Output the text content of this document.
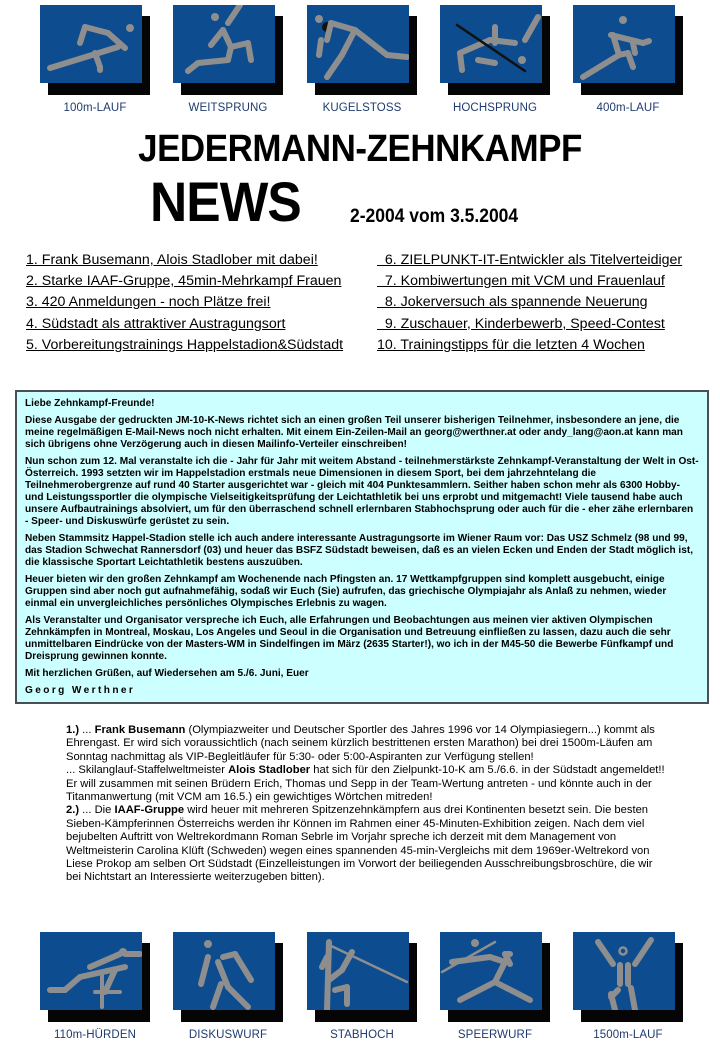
100m-LAUF	WEITSPRUNG	KUGELSTOSS	HOCHSPRUNG	400m-LAUF
JEDERMANN-ZEHNKAMPF
NEWS	2-2004 vom 3.5.2004
1. Frank Busemann, Alois Stadlober mit dabei!
2. Starke IAAF-Gruppe, 45min-Mehrkampf Frauen
3. 420 Anmeldungen - noch Plätze frei!
4. Südstadt als attraktiver Austragungsort
5. Vorbereitungstrainings Happelstadion&Südstadt
6. ZIELPUNKT-IT-Entwickler als Titelverteidiger
7. Kombiwertungen mit VCM und Frauenlauf
8. Jokerversuch als spannende Neuerung
9. Zuschauer, Kinderbewerb, Speed-Contest
10. Trainingstipps für die letzten 4 Wochen

Liebe Zehnkampf-Freunde!

Diese Ausgabe der gedruckten JM-10-K-News richtet sich an einen großen Teil unserer bisherigen Teilnehmer, insbesondere an jene, die meine regelmäßigen E-Mail-News noch nicht erhalten. Mit einem Ein-Zeilen-Mail an georg@werthner.at oder andy_lang@aon.at kann man sich übrigens ohne Verzögerung auch in diesen Mailinfo-Verteiler einschreiben!

Nun schon zum 12. Mal veranstalte ich die - Jahr für Jahr mit weitem Abstand - teilnehmerstärkste Zehnkampf-Veranstaltung der Welt in Ost-Österreich. 1993 setzten wir im Happelstadion erstmals neue Dimensionen in diesem Sport, bei dem jahrzehntelang die Teilnehmerobergrenze auf rund 40 Starter ausgerichtet war - gleich mit 404 Punktesammlern. Seither haben schon mehr als 6300 Hobby- und Leistungssportler die olympische Vielseitigkeitsprüfung der Leichtathletik bei uns erprobt und mitgemacht! Viele tausend habe auch unsere Aufbautrainings absolviert, um für den überraschend schnell erlernbaren Stabhochsprung oder auch für die - eher zähe erlernbaren - Speer- und Diskuswürfe gerüstet zu sein.

Neben Stammsitz Happel-Stadion stelle ich auch andere interessante Austragungsorte im Wiener Raum vor: Das USZ Schmelz (98 und 99, das Stadion Schwechat Rannersdorf (03) und heuer das BSFZ Südstadt beweisen, daß es an vielen Ecken und Enden der Stadt möglich ist, die klassische Sportart Leichtathletik bestens auszuüben.

Heuer bieten wir den großen Zehnkampf am Wochenende nach Pfingsten an. 17 Wettkampfgruppen sind komplett ausgebucht, einige Gruppen sind aber noch gut aufnahmefähig, sodaß wir Euch (Sie) aufrufen, das griechische Olympiajahr als Anlaß zu nehmen, wieder einmal ein unvergleichliches persönliches Olympisches Erlebnis zu wagen.

Als Veranstalter und Organisator verspreche ich Euch, alle Erfahrungen und Beobachtungen aus meinen vier aktiven Olympischen Zehnkämpfen in Montreal, Moskau, Los Angeles und Seoul in die Organisation und Betreuung einfließen zu lassen, dazu auch die sehr unmittelbaren Eindrücke von der Masters-WM in Sindelfingen im März (2635 Starter!), wo ich in der M45-50 die Bewerbe Fünfkampf und Dreisprung gewinnen konnte.

Mit herzlichen Grüßen, auf Wiedersehen am 5./6. Juni, Euer

Georg Werthner

1.) ... Frank Busemann (Olympiazweiter und Deutscher Sportler des Jahres 1996 vor 14 Olympiasiegern...) kommt als Ehrengast. Er wird sich voraussichtlich (nach seinem kürzlich bestrittenen ersten Marathon) bei drei 1500m-Läufen am Sonntag nachmittag als VIP-Begleitläufer für 5:30- oder 5:00-Aspiranten zur Verfügung stellen!

... Skilanglauf-Staffelweltmeister Alois Stadlober hat sich für den Zielpunkt-10-K am 5./6.6. in der Südstadt angemeldet!! Er will zusammen mit seinen Brüdern Erich, Thomas und Sepp in der Team-Wertung antreten - und könnte auch in der Titanmanwertung (mit VCM am 16.5.) ein gewichtiges Wörtchen mitreden!

2.) ... Die IAAF-Gruppe wird heuer mit mehreren Spitzenzehnkämpfern aus drei Kontinenten besetzt sein. Die besten Sieben-Kämpferinnen Österreichs werden ihr Können im Rahmen einer 45-Minuten-Exhibition zeigen. Nach dem viel bejubelten Auftritt von Weltrekordmann Roman Sebrle im Vorjahr spreche ich derzeit mit dem Management von Weltmeisterin Carolina Klüft (Schweden) wegen eines spannenden 45-min-Vergleichs mit dem 1969er-Weltrekord von Liese Prokop am selben Ort Südstadt (Einzelleistungen im Vorwort der beiliegenden Ausschreibungsbroschüre, die wir bei Nichtstart an Interessierte weiterzugeben bitten).

110m-HÜRDEN	DISKUSWURF	STABHOCH	SPEERWURF	1500m-LAUF
